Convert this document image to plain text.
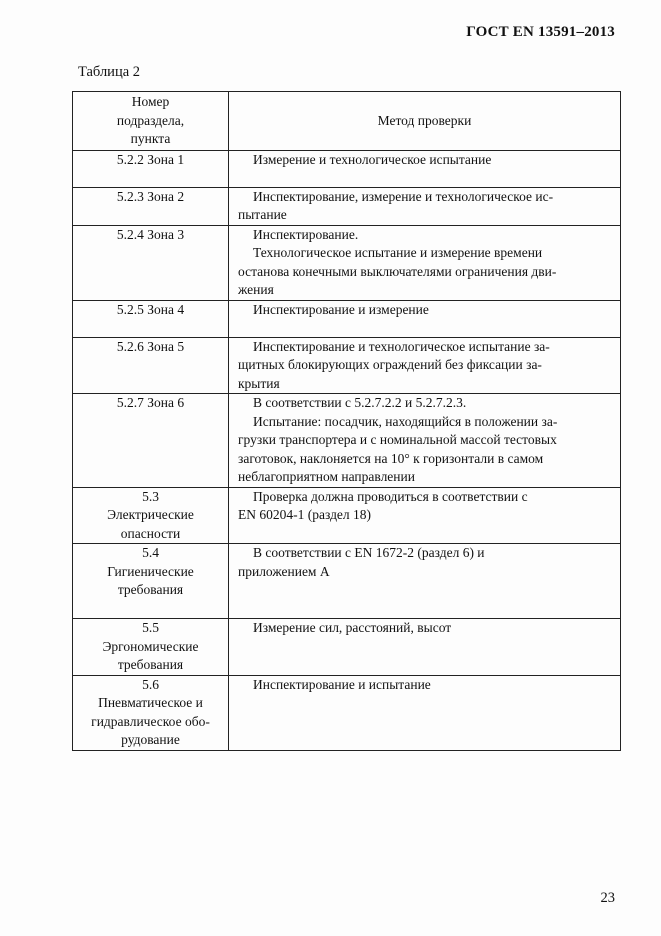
ГОСТ EN 13591–2013
Таблица 2
Номер
подраздела,
пункта	Метод проверки

5.2.2 Зона 1	Измерение и технологическое испытание

5.2.3 Зона 2	Инспектирование, измерение и технологическое ис-
пытание

5.2.4 Зона 3	Инспектирование.
Технологическое испытание и измерение времени
останова конечными выключателями ограничения дви-
жения

5.2.5 Зона 4	Инспектирование и измерение

5.2.6 Зона 5	Инспектирование и технологическое испытание за-
щитных блокирующих ограждений без фиксации за-
крытия

5.2.7 Зона 6	В соответствии с 5.2.7.2.2 и 5.2.7.2.3.
Испытание: посадчик, находящийся в положении за-
грузки транспортера и с номинальной массой тестовых
заготовок, наклоняется на 10° к горизонтали в самом
неблагоприятном направлении

5.3
Электрические
опасности	Проверка должна проводиться в соответствии с
EN 60204-1 (раздел 18)

5.4
Гигиенические
требования	В соответствии с EN 1672-2 (раздел 6) и
приложением А

5.5
Эргономические
требования	Измерение сил, расстояний, высот

5.6
Пневматическое и
гидравлическое обо-
рудование	Инспектирование и испытание
23
